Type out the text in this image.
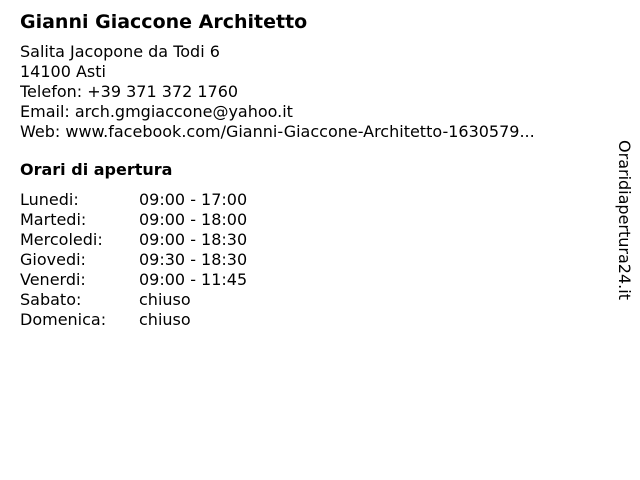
Gianni Giaccone Architetto
Salita Jacopone da Todi 6
14100 Asti
Telefon: +39 371 372 1760
Email: arch.gmgiaccone@yahoo.it
Web: www.facebook.com/Gianni-Giaccone-Architetto-1630579...
Orari di apertura
Lunedi:	09:00 - 17:00
Martedi:	09:00 - 18:00
Mercoledi:	09:00 - 18:30
Giovedi:	09:30 - 18:30
Venerdi:	09:00 - 11:45
Sabato:	chiuso
Domenica:	chiuso
Oraridiapertura24.it
